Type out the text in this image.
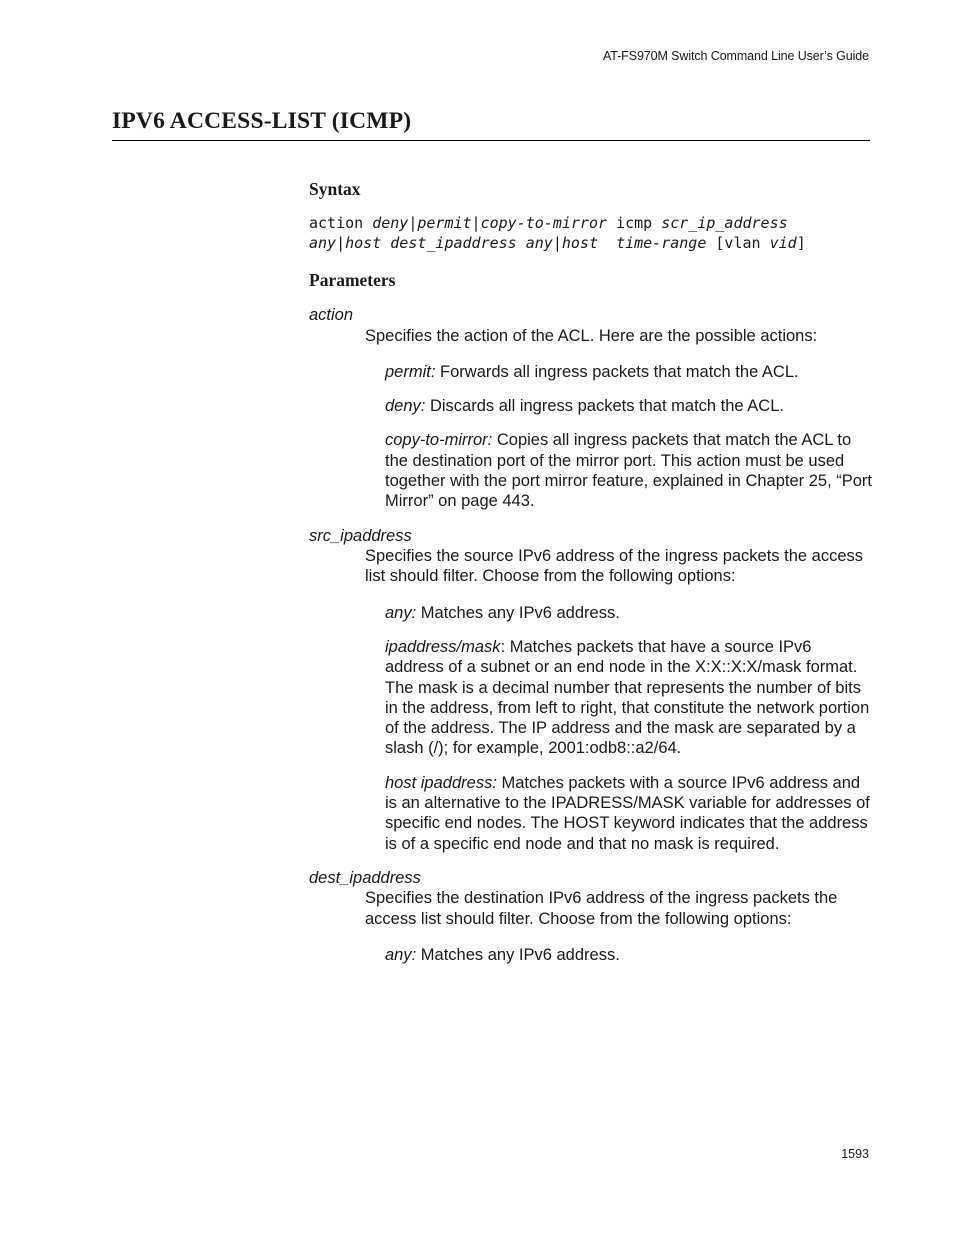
AT-FS970M Switch Command Line User’s Guide
IPV6 ACCESS-LIST (ICMP)
Syntax
action deny|permit|copy-to-mirror icmp scr_ip_address
any|host dest_ipaddress any|host  time-range [vlan vid]
Parameters

action

Specifies the action of the ACL. Here are the possible actions:

permit: Forwards all ingress packets that match the ACL.

deny: Discards all ingress packets that match the ACL.

copy-to-mirror: Copies all ingress packets that match the ACL to the destination port of the mirror port. This action must be used together with the port mirror feature, explained in Chapter 25, “Port Mirror” on page 443.

src_ipaddress

Specifies the source IPv6 address of the ingress packets the access list should filter. Choose from the following options:

any: Matches any IPv6 address.

ipaddress/mask: Matches packets that have a source IPv6 address of a subnet or an end node in the X:X::X:X/mask format. The mask is a decimal number that represents the number of bits in the address, from left to right, that constitute the network portion of the address. The IP address and the mask are separated by a slash (/); for example, 2001:odb8::a2/64.

host ipaddress: Matches packets with a source IPv6 address and is an alternative to the IPADRESS/MASK variable for addresses of specific end nodes. The HOST keyword indicates that the address is of a specific end node and that no mask is required.

dest_ipaddress

Specifies the destination IPv6 address of the ingress packets the access list should filter. Choose from the following options:

any: Matches any IPv6 address.

1593
